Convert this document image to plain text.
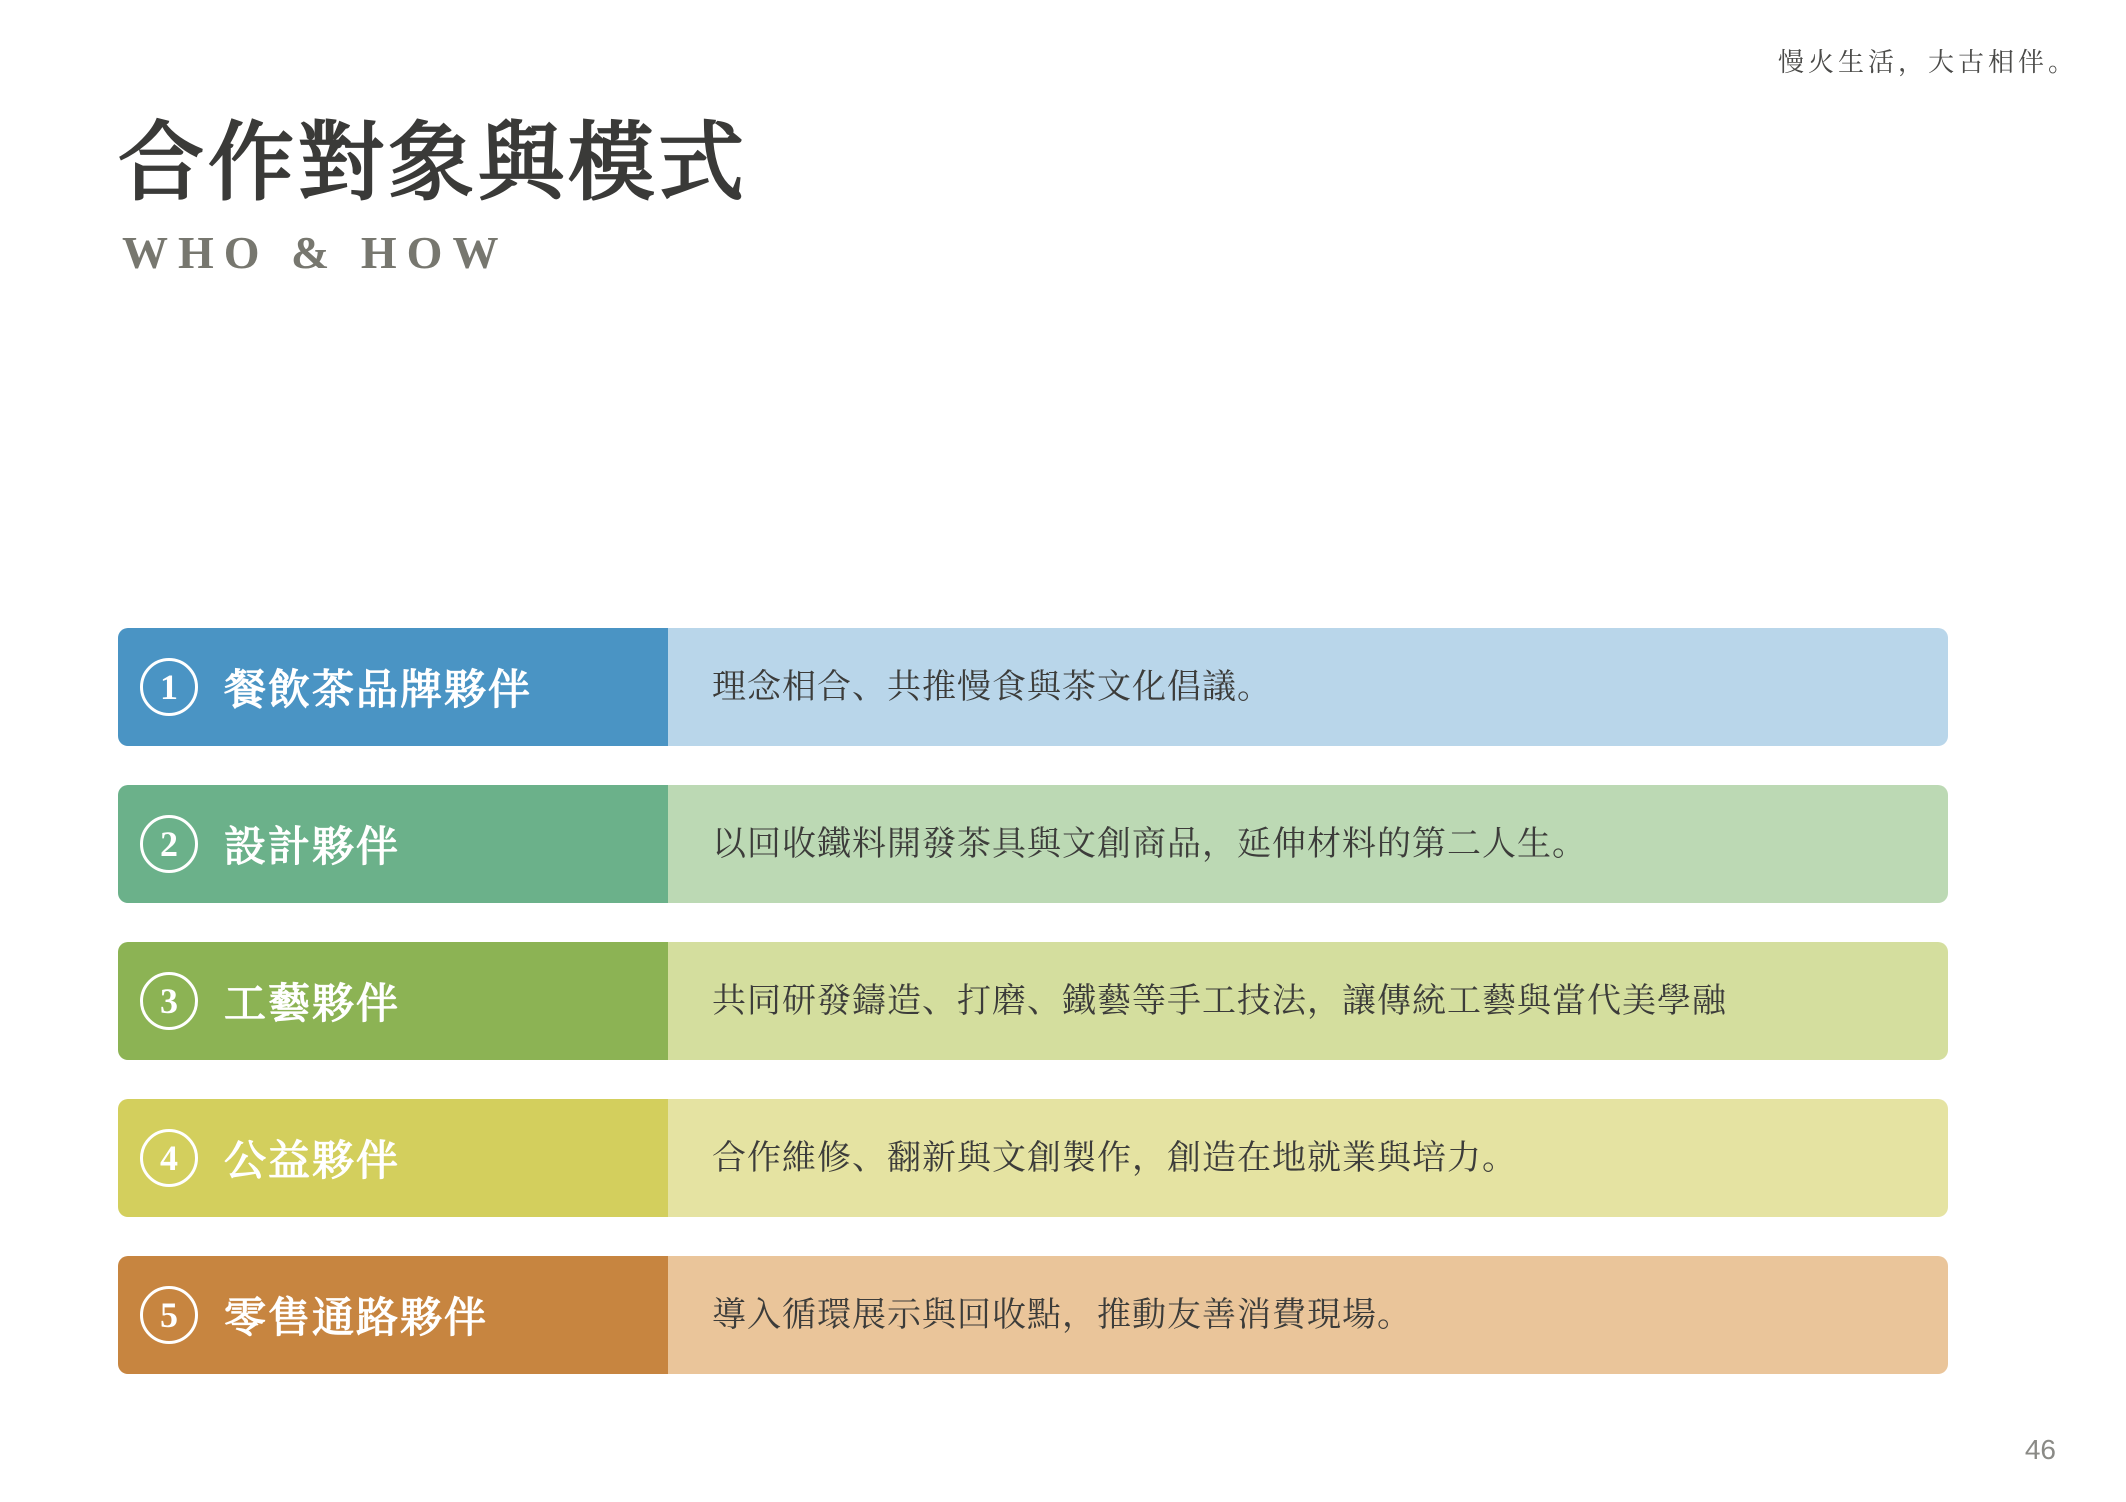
慢火生活，大古相伴。
合作對象與模式
WHO & HOW
1	餐飲茶品牌夥伴	理念相合、共推慢食與茶文化倡議。
2	設計夥伴	以回收鐵料開發茶具與文創商品，延伸材料的第二人生。
3	工藝夥伴	共同研發鑄造、打磨、鐵藝等手工技法，讓傳統工藝與當代美學融
4	公益夥伴	合作維修、翻新與文創製作，創造在地就業與培力。
5	零售通路夥伴	導入循環展示與回收點，推動友善消費現場。
46
